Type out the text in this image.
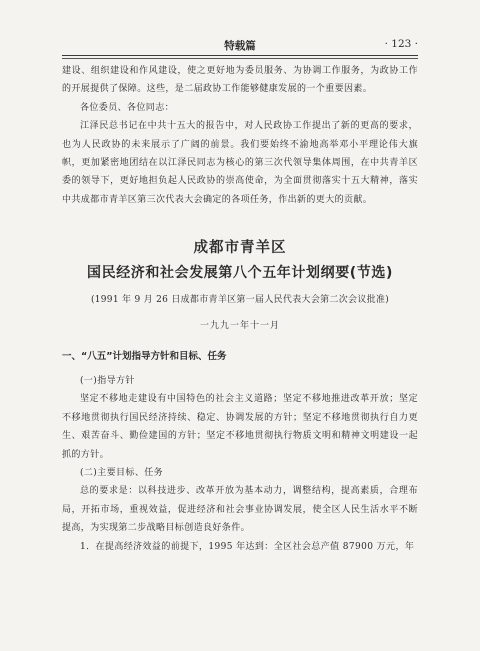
特载篇	· 123 ·

建设、组织建设和作风建设，使之更好地为委员服务、为协调工作服务，为政协工作的开展提供了保障。这些，是二届政协工作能够健康发展的一个重要因素。

各位委员、各位同志：

江泽民总书记在中共十五大的报告中，对人民政协工作提出了新的更高的要求，也为人民政协的未来展示了广阔的前景。我们要始终不渝地高举邓小平理论伟大旗帜，更加紧密地团结在以江泽民同志为核心的第三次代领导集体周围，在中共青羊区委的领导下，更好地担负起人民政协的崇高使命，为全面贯彻落实十五大精神，落实中共成都市青羊区第三次代表大会确定的各项任务，作出新的更大的贡献。

成都市青羊区
国民经济和社会发展第八个五年计划纲要(节选)
(1991 年 9 月 26 日成都市青羊区第一届人民代表大会第二次会议批准)
一九九一年十一月
一、“八五”计划指导方针和目标、任务

(一)指导方针

坚定不移地走建设有中国特色的社会主义道路；坚定不移地推进改革开放；坚定不移地贯彻执行国民经济持续、稳定、协调发展的方针；坚定不移地贯彻执行自力更生、艰苦奋斗、勤俭建国的方针；坚定不移地贯彻执行物质文明和精神文明建设一起抓的方针。

(二)主要目标、任务

总的要求是：以科技进步、改革开放为基本动力，调整结构，提高素质，合理布局，开拓市场，重视效益，促进经济和社会事业协调发展，使全区人民生活水平不断提高，为实现第二步战略目标创造良好条件。

1．在提高经济效益的前提下，1995 年达到：全区社会总产值 87900 万元，年
